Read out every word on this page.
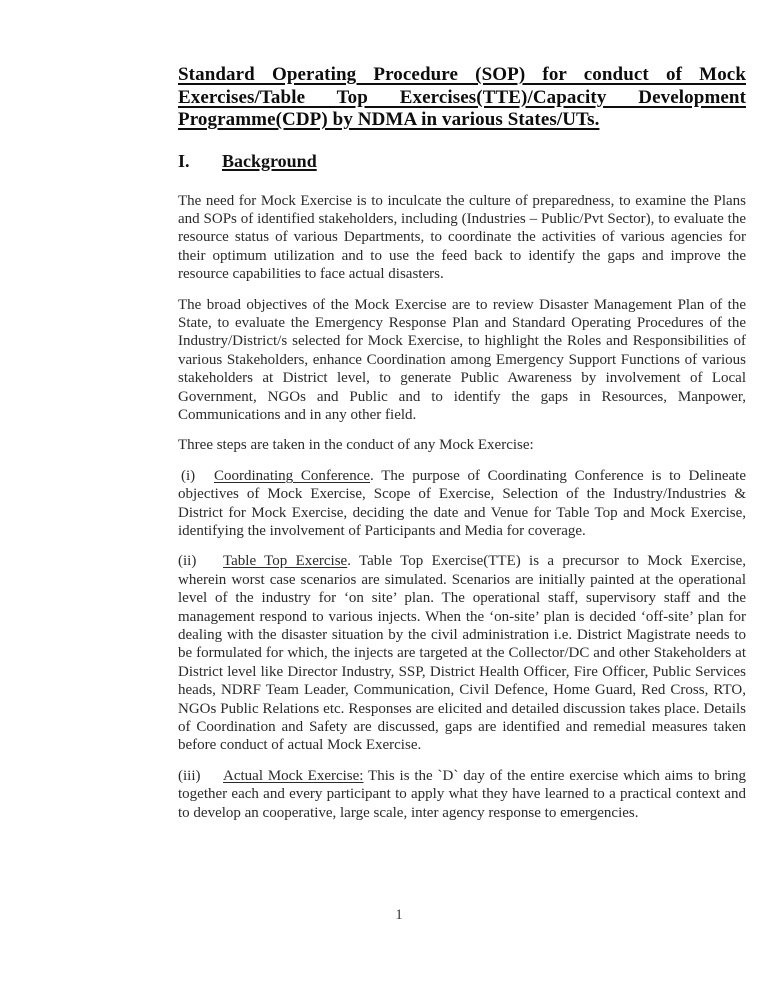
Standard Operating Procedure (SOP) for conduct of Mock Exercises/Table Top Exercises(TTE)/Capacity Development Programme(CDP) by NDMA in various States/UTs.
I. Background

The need for Mock Exercise is to inculcate the culture of preparedness, to examine the Plans and SOPs of identified stakeholders, including (Industries – Public/Pvt Sector), to evaluate the resource status of various Departments, to coordinate the activities of various agencies for their optimum utilization and to use the feed back to identify the gaps and improve the resource capabilities to face actual disasters.

The broad objectives of the Mock Exercise are to review Disaster Management Plan of the State, to evaluate the Emergency Response Plan and Standard Operating Procedures of the Industry/District/s selected for Mock Exercise, to highlight the Roles and Responsibilities of various Stakeholders, enhance Coordination among Emergency Support Functions of various stakeholders at District level, to generate Public Awareness by involvement of Local Government, NGOs and Public and to identify the gaps in Resources, Manpower, Communications and in any other field.

Three steps are taken in the conduct of any Mock Exercise:

(i) Coordinating Conference. The purpose of Coordinating Conference is to Delineate objectives of Mock Exercise, Scope of Exercise, Selection of the Industry/Industries & District for Mock Exercise, deciding the date and Venue for Table Top and Mock Exercise, identifying the involvement of Participants and Media for coverage.

(ii) Table Top Exercise. Table Top Exercise(TTE) is a precursor to Mock Exercise, wherein worst case scenarios are simulated. Scenarios are initially painted at the operational level of the industry for ‘on site’ plan. The operational staff, supervisory staff and the management respond to various injects. When the ‘on-site’ plan is decided ‘off-site’ plan for dealing with the disaster situation by the civil administration i.e. District Magistrate needs to be formulated for which, the injects are targeted at the Collector/DC and other Stakeholders at District level like Director Industry, SSP, District Health Officer, Fire Officer, Public Services heads, NDRF Team Leader, Communication, Civil Defence, Home Guard, Red Cross, RTO, NGOs Public Relations etc. Responses are elicited and detailed discussion takes place. Details of Coordination and Safety are discussed, gaps are identified and remedial measures taken before conduct of actual Mock Exercise.

(iii) Actual Mock Exercise: This is the `D` day of the entire exercise which aims to bring together each and every participant to apply what they have learned to a practical context and to develop an cooperative, large scale, inter agency response to emergencies.

1
